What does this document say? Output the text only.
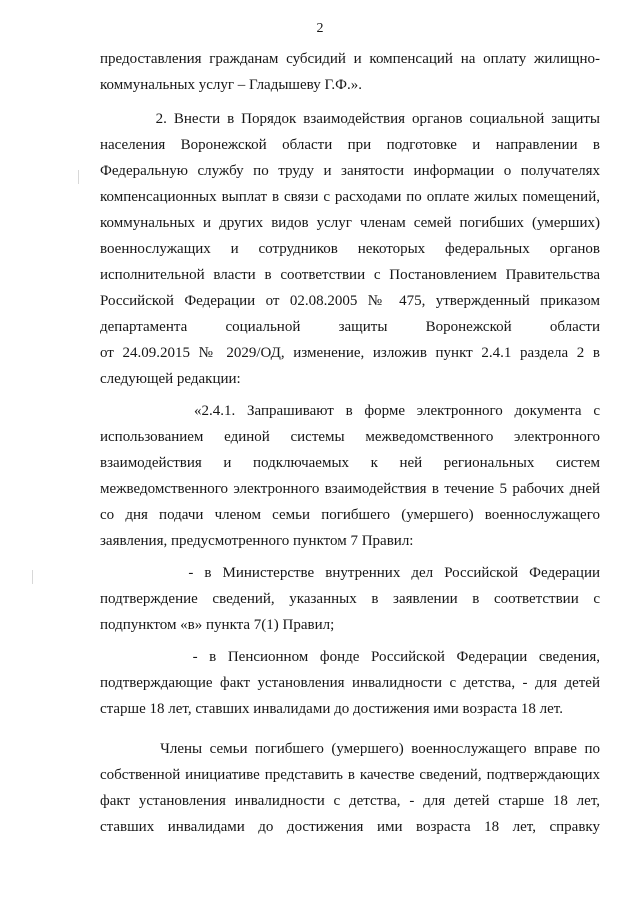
2
предоставления гражданам субсидий и компенсаций на оплату жилищно-
коммунальных услуг – Гладышеву Г.Ф.».
2. Внести в Порядок взаимодействия органов социальной защиты
населения Воронежской области при подготовке и направлении в
Федеральную службу по труду и занятости информации о получателях
компенсационных выплат в связи с расходами по оплате жилых помещений,
коммунальных и других видов услуг членам семей погибших (умерших)
военнослужащих и сотрудников некоторых федеральных органов
исполнительной власти в соответствии с Постановлением Правительства
Российской Федерации от 02.08.2005 № 475, утвержденный приказом
департамента социальной защиты Воронежской области
от 24.09.2015 № 2029/ОД, изменение, изложив пункт 2.4.1 раздела 2 в
следующей редакции:
«2.4.1. Запрашивают в форме электронного документа с
использованием единой системы межведомственного электронного
взаимодействия и подключаемых к ней региональных систем
межведомственного электронного взаимодействия в течение 5 рабочих дней
со дня подачи членом семьи погибшего (умершего) военнослужащего
заявления, предусмотренного пунктом 7 Правил:
- в Министерстве внутренних дел Российской Федерации
подтверждение сведений, указанных в заявлении в соответствии с
подпунктом «в» пункта 7(1) Правил;
- в Пенсионном фонде Российской Федерации сведения,
подтверждающие факт установления инвалидности с детства, - для детей
старше 18 лет, ставших инвалидами до достижения ими возраста 18 лет.
Члены семьи погибшего (умершего) военнослужащего вправе по
собственной инициативе представить в качестве сведений, подтверждающих
факт установления инвалидности с детства, - для детей старше 18 лет,
ставших инвалидами до достижения ими возраста 18 лет, справку
